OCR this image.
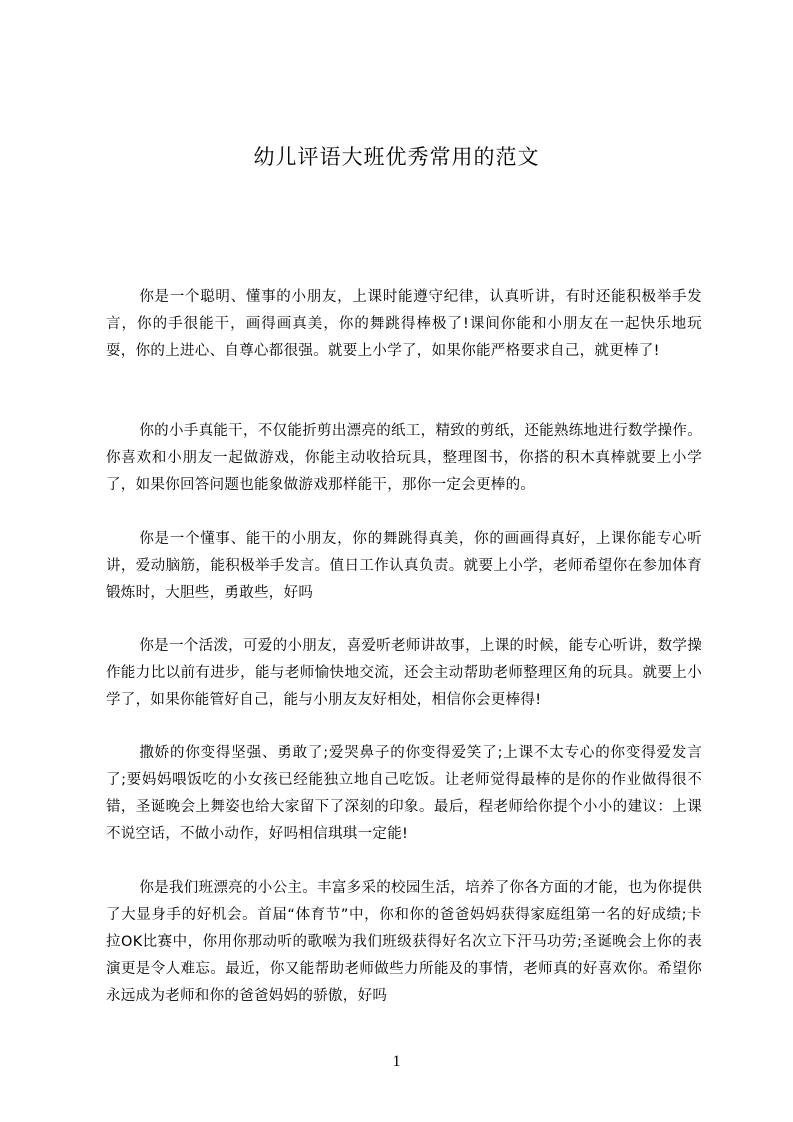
幼儿评语大班优秀常用的范文

你是一个聪明、懂事的小朋友，上课时能遵守纪律，认真听讲，有时还能积极举手发言，你的手很能干，画得画真美，你的舞跳得棒极了!课间你能和小朋友在一起快乐地玩耍，你的上进心、自尊心都很强。就要上小学了，如果你能严格要求自己，就更棒了!

你的小手真能干，不仅能折剪出漂亮的纸工，精致的剪纸，还能熟练地进行数学操作。你喜欢和小朋友一起做游戏，你能主动收拾玩具，整理图书，你搭的积木真棒就要上小学了，如果你回答问题也能象做游戏那样能干，那你一定会更棒的。

你是一个懂事、能干的小朋友，你的舞跳得真美，你的画画得真好，上课你能专心听讲，爱动脑筋，能积极举手发言。值日工作认真负责。就要上小学，老师希望你在参加体育锻炼时，大胆些，勇敢些，好吗

你是一个活泼，可爱的小朋友，喜爱听老师讲故事，上课的时候，能专心听讲，数学操作能力比以前有进步，能与老师愉快地交流，还会主动帮助老师整理区角的玩具。就要上小学了，如果你能管好自己，能与小朋友友好相处，相信你会更棒得!

撒娇的你变得坚强、勇敢了;爱哭鼻子的你变得爱笑了;上课不太专心的你变得爱发言了;要妈妈喂饭吃的小女孩已经能独立地自己吃饭。让老师觉得最棒的是你的作业做得很不错，圣诞晚会上舞姿也给大家留下了深刻的印象。最后，程老师给你提个小小的建议：上课不说空话，不做小动作，好吗相信琪琪一定能!

你是我们班漂亮的小公主。丰富多采的校园生活，培养了你各方面的才能，也为你提供了大显身手的好机会。首届“体育节”中，你和你的爸爸妈妈获得家庭组第一名的好成绩;卡拉OK比赛中，你用你那动听的歌喉为我们班级获得好名次立下汗马功劳;圣诞晚会上你的表演更是令人难忘。最近，你又能帮助老师做些力所能及的事情，老师真的好喜欢你。希望你永远成为老师和你的爸爸妈妈的骄傲，好吗

1
